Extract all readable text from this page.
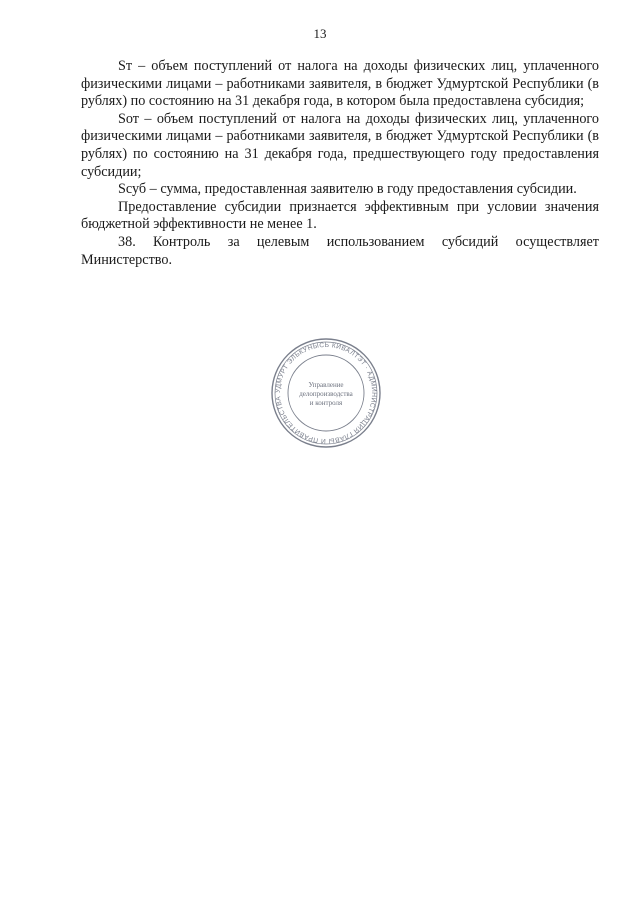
13

Sт – объем поступлений от налога на доходы физических лиц, уплаченного физическими лицами – работниками заявителя, в бюджет Удмуртской Республики (в рублях) по состоянию на 31 декабря года, в котором была предоставлена субсидия;

Sот – объем поступлений от налога на доходы физических лиц, уплаченного физическими лицами – работниками заявителя, в бюджет Удмуртской Республики (в рублях) по состоянию на 31 декабря года, предшествующего году предоставления субсидии;

Sсуб – сумма, предоставленная заявителю в году предоставления субсидии.

Предоставление субсидии признается эффективным при условии значения бюджетной эффективности не менее 1.

38. Контроль за целевым использованием субсидий осуществляет Министерство.

УДМУРТ ЭЛЬКУНЫСЬ КИВАЛТЭТ · АДМИНИСТРАЦИЯ ГЛАВЫ И ПРАВИТЕЛЬСТВА
Управление
делопроизводства
и контроля
